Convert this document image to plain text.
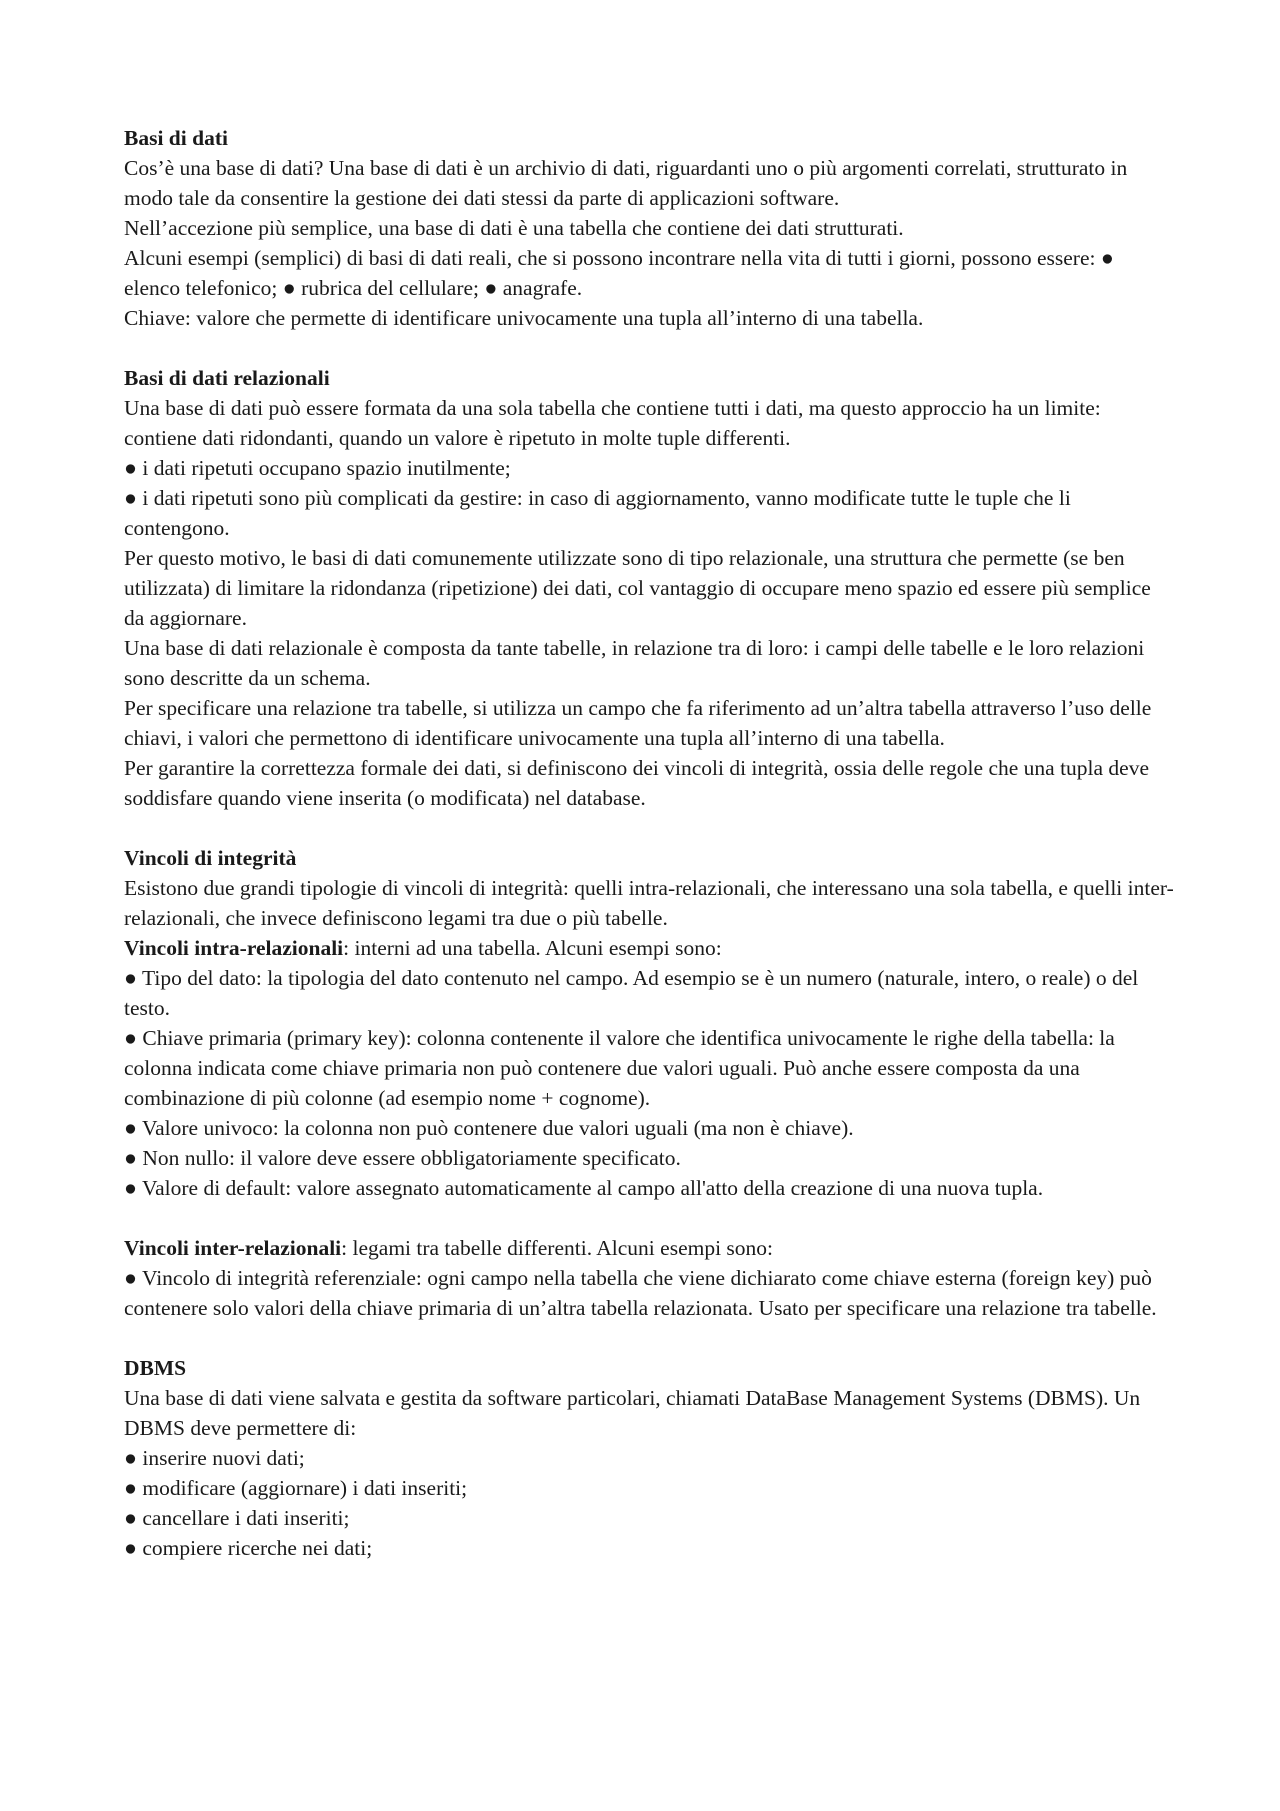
Basi di dati

Cos’è una base di dati? Una base di dati è un archivio di dati, riguardanti uno o più argomenti correlati, strutturato in modo tale da consentire la gestione dei dati stessi da parte di applicazioni software.

Nell’accezione più semplice, una base di dati è una tabella che contiene dei dati strutturati.

Alcuni esempi (semplici) di basi di dati reali, che si possono incontrare nella vita di tutti i giorni, possono essere: ● elenco telefonico; ● rubrica del cellulare; ● anagrafe.

Chiave: valore che permette di identificare univocamente una tupla all’interno di una tabella.

Basi di dati relazionali

Una base di dati può essere formata da una sola tabella che contiene tutti i dati, ma questo approccio ha un limite: contiene dati ridondanti, quando un valore è ripetuto in molte tuple differenti.

● i dati ripetuti occupano spazio inutilmente;

● i dati ripetuti sono più complicati da gestire: in caso di aggiornamento, vanno modificate tutte le tuple che li contengono.

Per questo motivo, le basi di dati comunemente utilizzate sono di tipo relazionale, una struttura che permette (se ben utilizzata) di limitare la ridondanza (ripetizione) dei dati, col vantaggio di occupare meno spazio ed essere più semplice da aggiornare.

Una base di dati relazionale è composta da tante tabelle, in relazione tra di loro: i campi delle tabelle e le loro relazioni sono descritte da un schema.

Per specificare una relazione tra tabelle, si utilizza un campo che fa riferimento ad un’altra tabella attraverso l’uso delle chiavi, i valori che permettono di identificare univocamente una tupla all’interno di una tabella.

Per garantire la correttezza formale dei dati, si definiscono dei vincoli di integrità, ossia delle regole che una tupla deve soddisfare quando viene inserita (o modificata) nel database.

Vincoli di integrità

Esistono due grandi tipologie di vincoli di integrità: quelli intra-relazionali, che interessano una sola tabella, e quelli inter-relazionali, che invece definiscono legami tra due o più tabelle.

Vincoli intra-relazionali: interni ad una tabella. Alcuni esempi sono:

● Tipo del dato: la tipologia del dato contenuto nel campo. Ad esempio se è un numero (naturale, intero, o reale) o del testo.

● Chiave primaria (primary key): colonna contenente il valore che identifica univocamente le righe della tabella: la colonna indicata come chiave primaria non può contenere due valori uguali. Può anche essere composta da una combinazione di più colonne (ad esempio nome + cognome).

● Valore univoco: la colonna non può contenere due valori uguali (ma non è chiave).

● Non nullo: il valore deve essere obbligatoriamente specificato.

● Valore di default: valore assegnato automaticamente al campo all'atto della creazione di una nuova tupla.

Vincoli inter-relazionali: legami tra tabelle differenti. Alcuni esempi sono:

● Vincolo di integrità referenziale: ogni campo nella tabella che viene dichiarato come chiave esterna (foreign key) può contenere solo valori della chiave primaria di un’altra tabella relazionata. Usato per specificare una relazione tra tabelle.

DBMS

Una base di dati viene salvata e gestita da software particolari, chiamati DataBase Management Systems (DBMS). Un DBMS deve permettere di:

● inserire nuovi dati;

● modificare (aggiornare) i dati inseriti;

● cancellare i dati inseriti;

● compiere ricerche nei dati;
